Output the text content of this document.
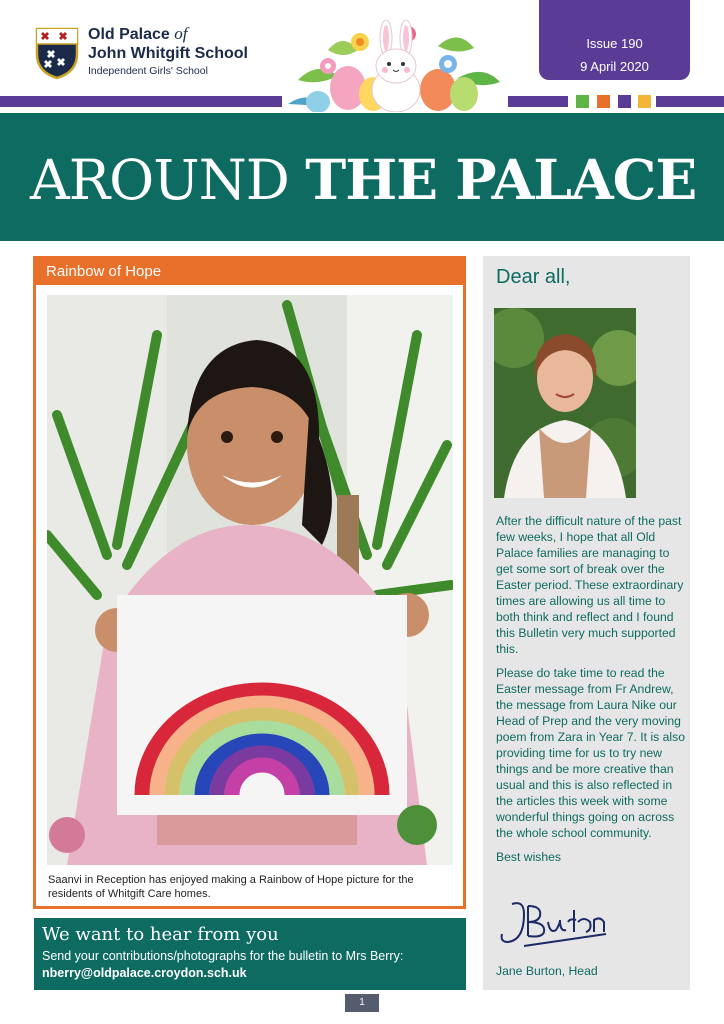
Old Palace of
John Whitgift School
Independent Girls' School
Issue 190
9 April 2020
AROUND THE PALACE
Rainbow of Hope
Saanvi in Reception has enjoyed making a Rainbow of Hope picture for the residents of Whitgift Care homes.
We want to hear from you
Send your contributions/photographs for the bulletin to Mrs Berry:
nberry@oldpalace.croydon.sch.uk
Dear all,

After the difficult nature of the past few weeks, I hope that all Old Palace families are managing to get some sort of break over the Easter period. These extraordinary times are allowing us all time to both think and reflect and I found this Bulletin very much supported this.

Please do take time to read the Easter message from Fr Andrew, the message from Laura Nike our Head of Prep and the very moving poem from Zara in Year 7. It is also providing time for us to try new things and be more creative than usual and this is also reflected in the articles this week with some wonderful things going on across the whole school community.

Best wishes

Jane Burton, Head
1
